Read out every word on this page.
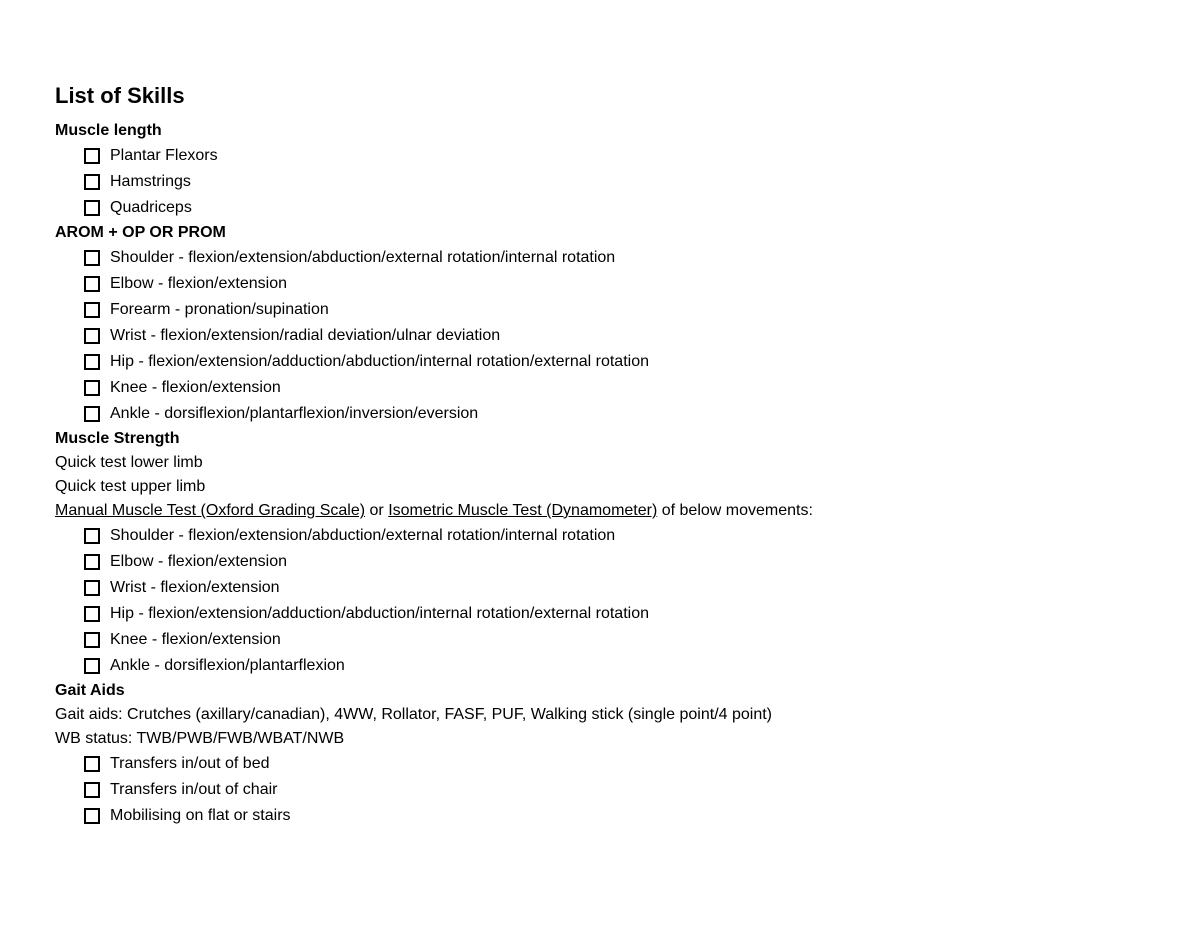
List of Skills
Muscle length
Plantar Flexors
Hamstrings
Quadriceps
AROM + OP OR PROM
Shoulder - flexion/extension/abduction/external rotation/internal rotation
Elbow - flexion/extension
Forearm - pronation/supination
Wrist - flexion/extension/radial deviation/ulnar deviation
Hip - flexion/extension/adduction/abduction/internal rotation/external rotation
Knee - flexion/extension
Ankle - dorsiflexion/plantarflexion/inversion/eversion
Muscle Strength
Quick test lower limb
Quick test upper limb
Manual Muscle Test (Oxford Grading Scale) or Isometric Muscle Test (Dynamometer) of below movements:
Shoulder - flexion/extension/abduction/external rotation/internal rotation
Elbow - flexion/extension
Wrist - flexion/extension
Hip - flexion/extension/adduction/abduction/internal rotation/external rotation
Knee - flexion/extension
Ankle - dorsiflexion/plantarflexion
Gait Aids
Gait aids: Crutches (axillary/canadian), 4WW, Rollator, FASF, PUF, Walking stick (single point/4 point)
WB status: TWB/PWB/FWB/WBAT/NWB
Transfers in/out of bed
Transfers in/out of chair
Mobilising on flat or stairs
